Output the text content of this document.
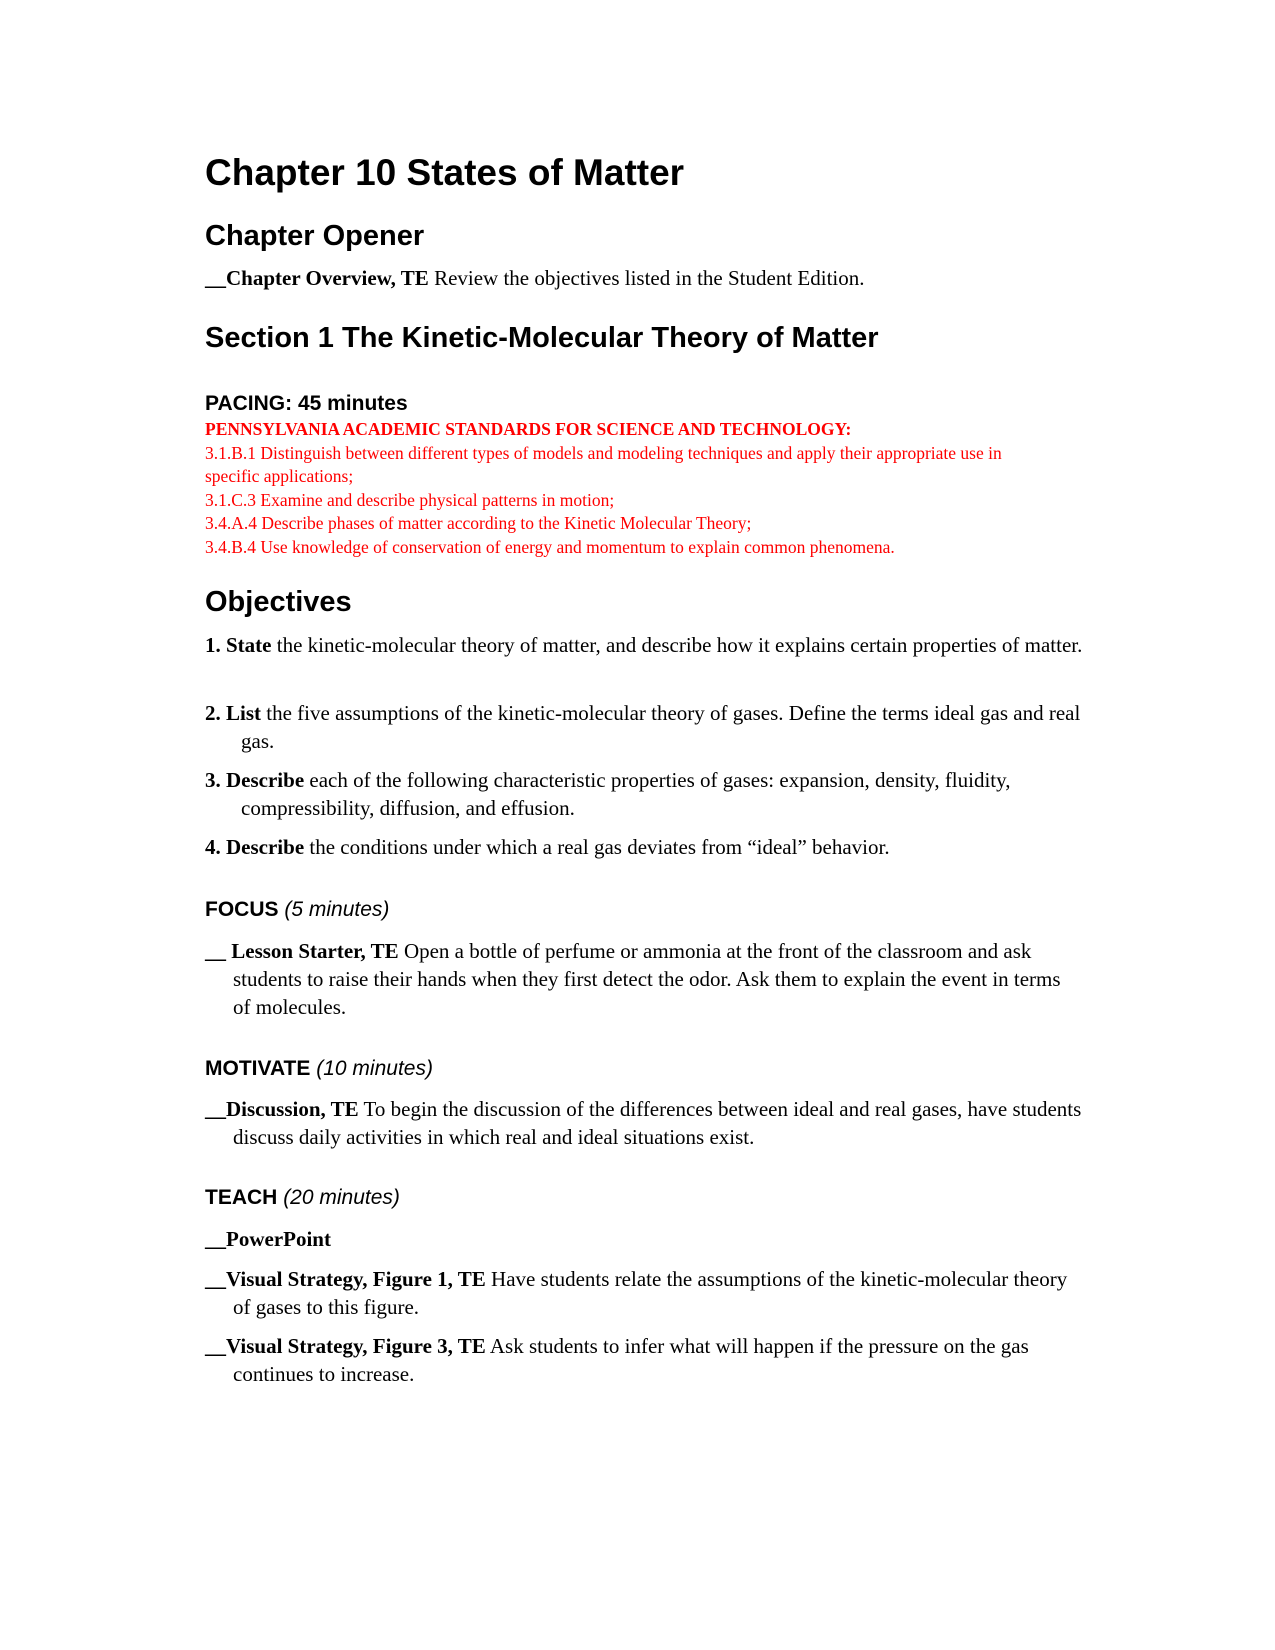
Chapter 10 States of Matter
Chapter Opener
__Chapter Overview, TE Review the objectives listed in the Student Edition.
Section 1 The Kinetic-Molecular Theory of Matter
PACING: 45 minutes
PENNSYLVANIA ACADEMIC STANDARDS FOR SCIENCE AND TECHNOLOGY:
3.1.B.1 Distinguish between different types of models and modeling techniques and apply their appropriate use in specific applications;
3.1.C.3 Examine and describe physical patterns in motion;
3.4.A.4 Describe phases of matter according to the Kinetic Molecular Theory;
3.4.B.4 Use knowledge of conservation of energy and momentum to explain common phenomena.
Objectives
1. State the kinetic-molecular theory of matter, and describe how it explains certain properties of matter.
2. List the five assumptions of the kinetic-molecular theory of gases. Define the terms ideal gas and real gas.
3. Describe each of the following characteristic properties of gases: expansion, density, fluidity, compressibility, diffusion, and effusion.
4. Describe the conditions under which a real gas deviates from “ideal” behavior.
FOCUS (5 minutes)
__ Lesson Starter, TE Open a bottle of perfume or ammonia at the front of the classroom and ask students to raise their hands when they first detect the odor. Ask them to explain the event in terms of molecules.
MOTIVATE (10 minutes)
__Discussion, TE To begin the discussion of the differences between ideal and real gases, have students discuss daily activities in which real and ideal situations exist.
TEACH (20 minutes)
__PowerPoint
__Visual Strategy, Figure 1, TE Have students relate the assumptions of the kinetic-molecular theory of gases to this figure.
__Visual Strategy, Figure 3, TE Ask students to infer what will happen if the pressure on the gas continues to increase.
